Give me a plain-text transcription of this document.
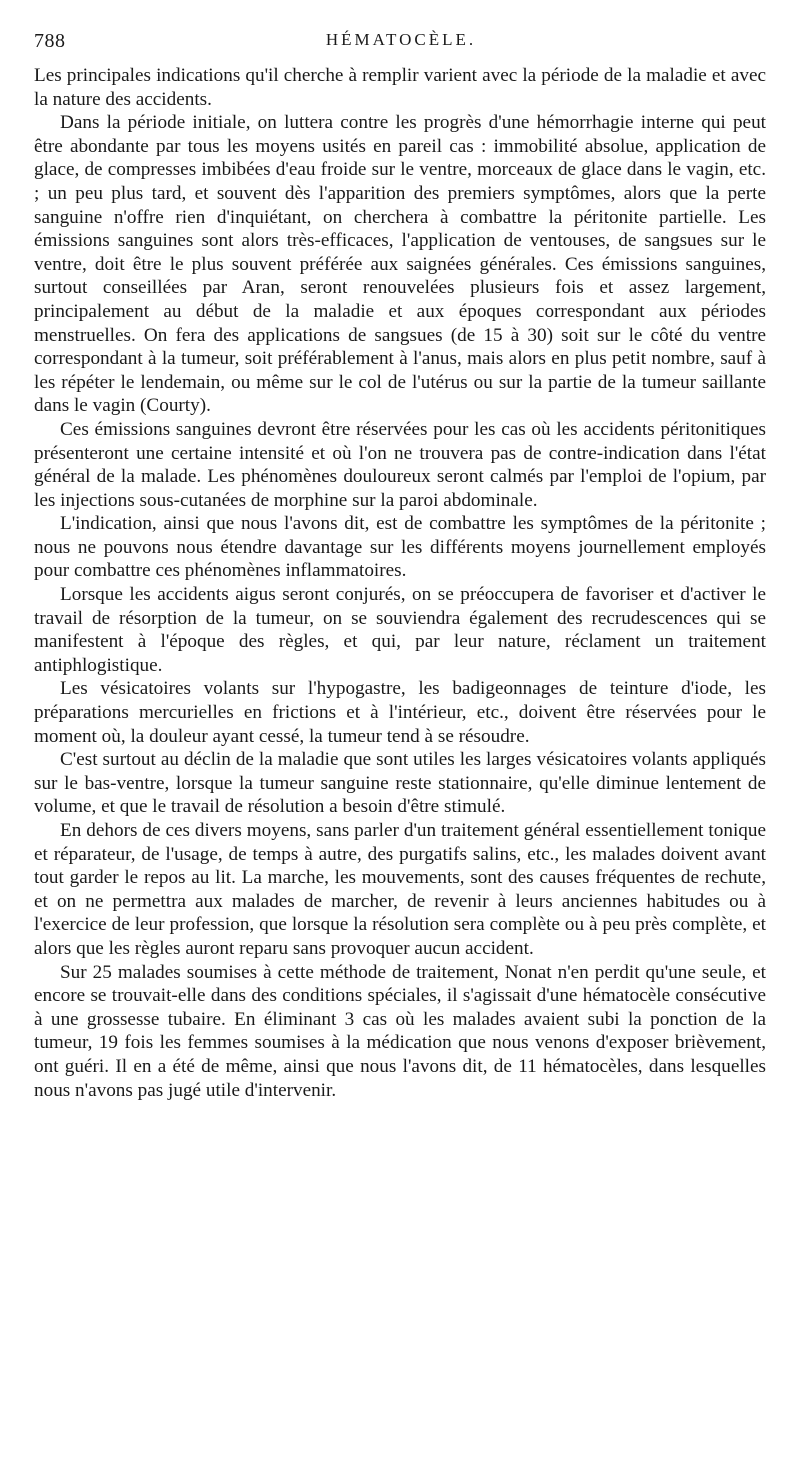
788	HÉMATOCÈLE.

Les principales indications qu'il cherche à remplir varient avec la période de la maladie et avec la nature des accidents.

Dans la période initiale, on luttera contre les progrès d'une hémorrhagie interne qui peut être abondante par tous les moyens usités en pareil cas : immobilité absolue, application de glace, de compresses imbibées d'eau froide sur le ventre, morceaux de glace dans le vagin, etc. ; un peu plus tard, et souvent dès l'apparition des premiers symptômes, alors que la perte sanguine n'offre rien d'inquiétant, on cherchera à combattre la péritonite partielle. Les émissions sanguines sont alors très-efficaces, l'application de ventouses, de sangsues sur le ventre, doit être le plus souvent préférée aux saignées générales. Ces émissions sanguines, surtout conseillées par Aran, seront renouvelées plusieurs fois et assez largement, principalement au début de la maladie et aux époques correspondant aux périodes menstruelles. On fera des applications de sangsues (de 15 à 30) soit sur le côté du ventre correspondant à la tumeur, soit préférablement à l'anus, mais alors en plus petit nombre, sauf à les répéter le lendemain, ou même sur le col de l'utérus ou sur la partie de la tumeur saillante dans le vagin (Courty).

Ces émissions sanguines devront être réservées pour les cas où les accidents péritonitiques présenteront une certaine intensité et où l'on ne trouvera pas de contre-indication dans l'état général de la malade. Les phénomènes douloureux seront calmés par l'emploi de l'opium, par les injections sous-cutanées de morphine sur la paroi abdominale.

L'indication, ainsi que nous l'avons dit, est de combattre les symptômes de la péritonite ; nous ne pouvons nous étendre davantage sur les différents moyens journellement employés pour combattre ces phénomènes inflammatoires.

Lorsque les accidents aigus seront conjurés, on se préoccupera de favoriser et d'activer le travail de résorption de la tumeur, on se souviendra également des recrudescences qui se manifestent à l'époque des règles, et qui, par leur nature, réclament un traitement antiphlogistique.

Les vésicatoires volants sur l'hypogastre, les badigeonnages de teinture d'iode, les préparations mercurielles en frictions et à l'intérieur, etc., doivent être réservées pour le moment où, la douleur ayant cessé, la tumeur tend à se résoudre.

C'est surtout au déclin de la maladie que sont utiles les larges vésicatoires volants appliqués sur le bas-ventre, lorsque la tumeur sanguine reste stationnaire, qu'elle diminue lentement de volume, et que le travail de résolution a besoin d'être stimulé.

En dehors de ces divers moyens, sans parler d'un traitement général essentiellement tonique et réparateur, de l'usage, de temps à autre, des purgatifs salins, etc., les malades doivent avant tout garder le repos au lit. La marche, les mouvements, sont des causes fréquentes de rechute, et on ne permettra aux malades de marcher, de revenir à leurs anciennes habitudes ou à l'exercice de leur profession, que lorsque la résolution sera complète ou à peu près complète, et alors que les règles auront reparu sans provoquer aucun accident.

Sur 25 malades soumises à cette méthode de traitement, Nonat n'en perdit qu'une seule, et encore se trouvait-elle dans des conditions spéciales, il s'agissait d'une hématocèle consécutive à une grossesse tubaire. En éliminant 3 cas où les malades avaient subi la ponction de la tumeur, 19 fois les femmes soumises à la médication que nous venons d'exposer brièvement, ont guéri. Il en a été de même, ainsi que nous l'avons dit, de 11 hématocèles, dans lesquelles nous n'avons pas jugé utile d'intervenir.
